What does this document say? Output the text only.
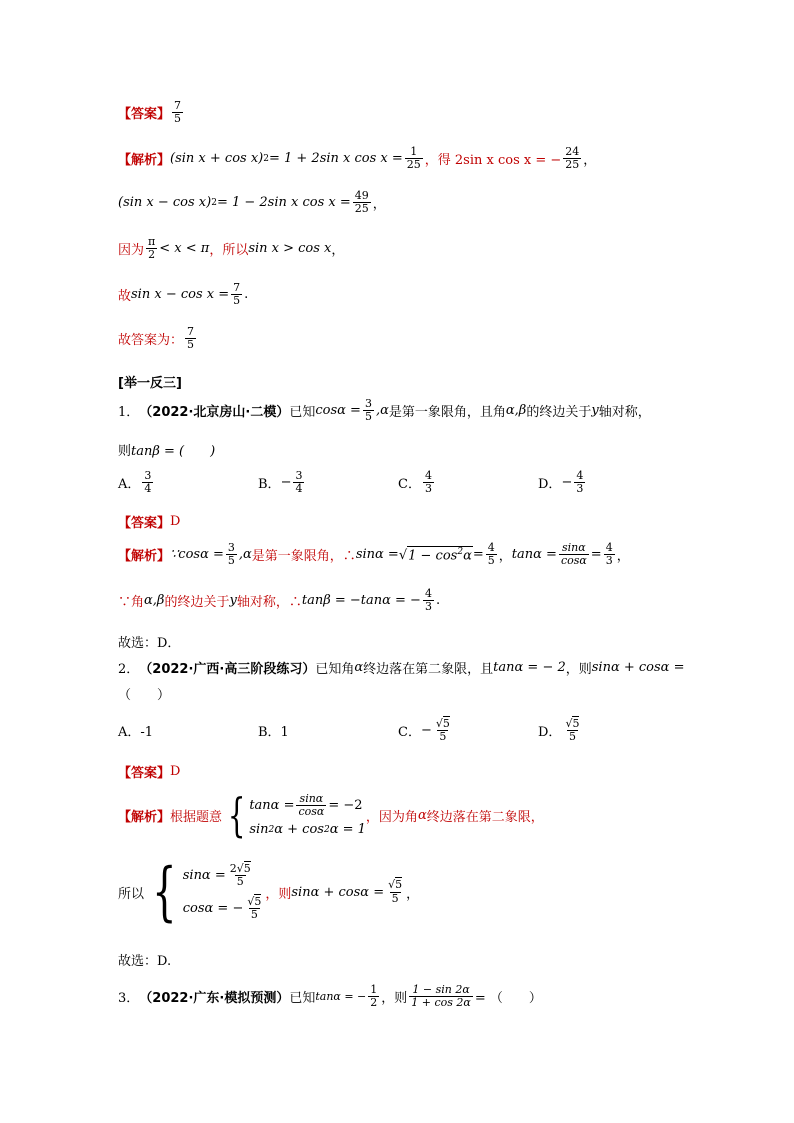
【答案】 $\frac{7}{5}$
【解析】 (sin x + cos x) 2 = 1 + 2sin x $\cos x = \frac{1}{25}$ ，得 2sin x cos x = − $\frac{24}{25}$ ，
(sin x − cos x) 2 = 1 − 2sin x $\cos x = \frac{49}{25}$ ，
因为 $\frac{\pi}{2} < x < \pi$ ，所以 sin x > cos x ，
故 $\sin x - \cos x = \frac{7}{5}$ .
故答案为： $\frac{7}{5}$
[举一反三]
1． （2022·北京房山·二模） 已知 $\cos\alpha = \frac{3}{5} ,\alpha$ 是第一象限角，且角 α,β 的终边关于 y 轴对称，
则 tanβ = (　　)
A． $\frac{3}{4}$	B． − $\frac{3}{4}$	C． $\frac{4}{3}$	D． − $\frac{4}{3}$
【答案】 D
【解析】 ∵cosα = $\frac{3}{5} ,\alpha$ 是第一象限角，∴ sinα = √ $1 - \cos^2\alpha = \frac{4}{5}$ ， $\tan\alpha = \frac{\sin\alpha}{\cos\alpha} = \frac{4}{3}$ ，
∵角 α,β 的终边关于 y 轴对称，∴ tanβ = −tanα = − $\frac{4}{3}$ .
故选：D．
2． （2022·广西·高三阶段练习） 已知角 α 终边落在第二象限，且 tanα = − 2 ，则 sinα + cosα =
（　　）
A．-1	B．1	C． − $\frac{√5}{5}$	D． $\frac{√5}{5}$
【答案】 D
【解析】 根据题意 { $\tan\alpha = \frac{\sin\alpha}{\cos\alpha} = -2$
sin 2 α + cos 2 α = 1
，因为角 α 终边落在第二象限，
所以 { $\sin\alpha = \frac{2√5}{5}$
cosα = − $\frac{√5}{5}$
，则 $\sin\alpha + \cos\alpha = \frac{√5}{5}$ ，
故选：D.
3． （2022·广东·模拟预测） 已知 tanα = − $\frac{1}{2}$ ，则 $\frac{1 - \sin 2\alpha}{1 + \cos 2\alpha}$ = （　　）
